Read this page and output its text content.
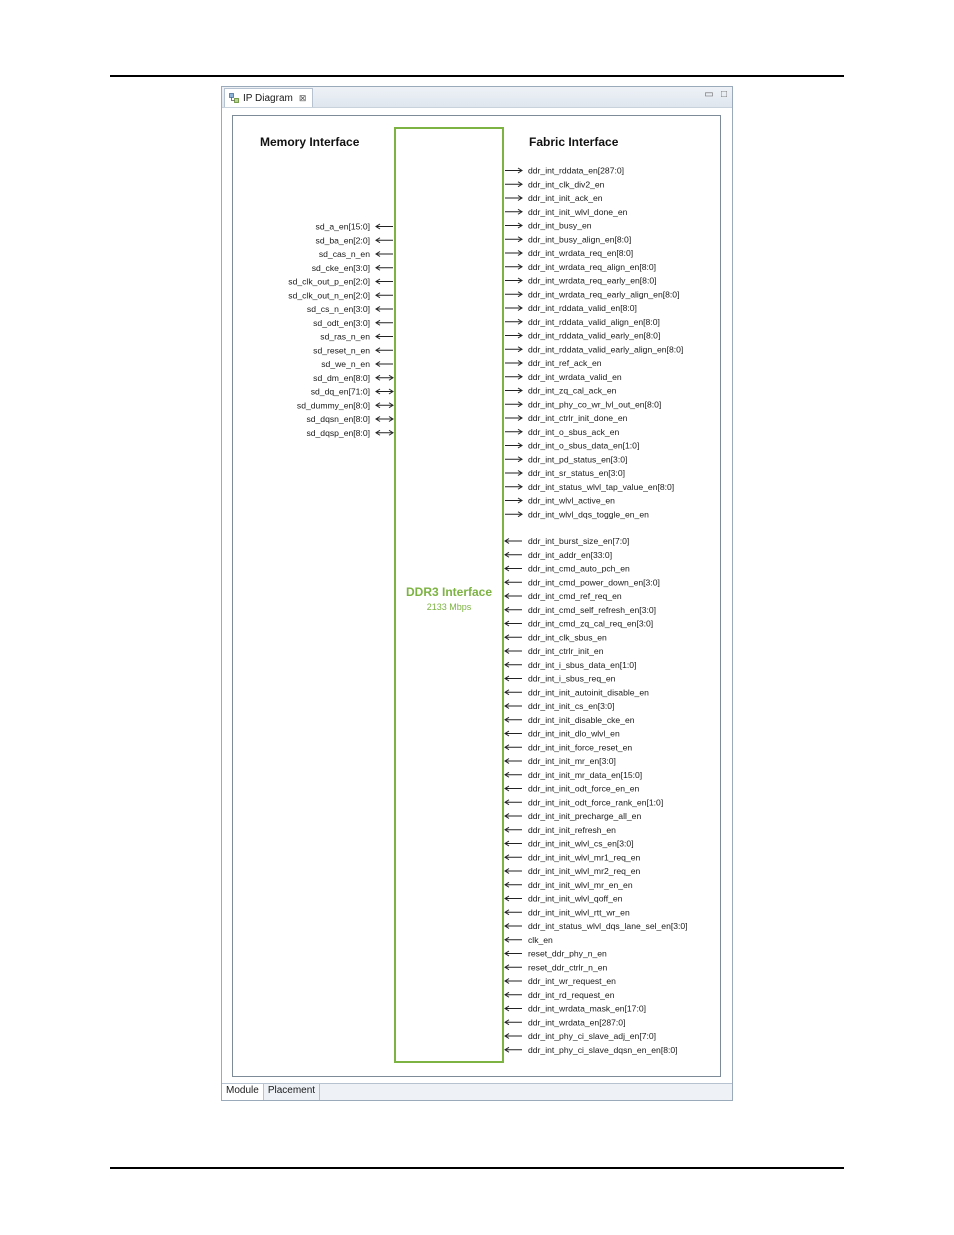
IP Diagram ⊠	▭ □
Memory Interface	Fabric Interface
DDR3 Interface
2133 Mbps
sd_a_en[15:0]
sd_ba_en[2:0]
sd_cas_n_en
sd_cke_en[3:0]
sd_clk_out_p_en[2:0]
sd_clk_out_n_en[2:0]
sd_cs_n_en[3:0]
sd_odt_en[3:0]
sd_ras_n_en
sd_reset_n_en
sd_we_n_en
sd_dm_en[8:0]
sd_dq_en[71:0]
sd_dummy_en[8:0]
sd_dqsn_en[8:0]
sd_dqsp_en[8:0]
ddr_int_rddata_en[287:0]
ddr_int_clk_div2_en
ddr_int_init_ack_en
ddr_int_init_wlvl_done_en
ddr_int_busy_en
ddr_int_busy_align_en[8:0]
ddr_int_wrdata_req_en[8:0]
ddr_int_wrdata_req_align_en[8:0]
ddr_int_wrdata_req_early_en[8:0]
ddr_int_wrdata_req_early_align_en[8:0]
ddr_int_rddata_valid_en[8:0]
ddr_int_rddata_valid_align_en[8:0]
ddr_int_rddata_valid_early_en[8:0]
ddr_int_rddata_valid_early_align_en[8:0]
ddr_int_ref_ack_en
ddr_int_wrdata_valid_en
ddr_int_zq_cal_ack_en
ddr_int_phy_co_wr_lvl_out_en[8:0]
ddr_int_ctrlr_init_done_en
ddr_int_o_sbus_ack_en
ddr_int_o_sbus_data_en[1:0]
ddr_int_pd_status_en[3:0]
ddr_int_sr_status_en[3:0]
ddr_int_status_wlvl_tap_value_en[8:0]
ddr_int_wlvl_active_en
ddr_int_wlvl_dqs_toggle_en_en
ddr_int_burst_size_en[7:0]
ddr_int_addr_en[33:0]
ddr_int_cmd_auto_pch_en
ddr_int_cmd_power_down_en[3:0]
ddr_int_cmd_ref_req_en
ddr_int_cmd_self_refresh_en[3:0]
ddr_int_cmd_zq_cal_req_en[3:0]
ddr_int_clk_sbus_en
ddr_int_ctrlr_init_en
ddr_int_i_sbus_data_en[1:0]
ddr_int_i_sbus_req_en
ddr_int_init_autoinit_disable_en
ddr_int_init_cs_en[3:0]
ddr_int_init_disable_cke_en
ddr_int_init_dlo_wlvl_en
ddr_int_init_force_reset_en
ddr_int_init_mr_en[3:0]
ddr_int_init_mr_data_en[15:0]
ddr_int_init_odt_force_en_en
ddr_int_init_odt_force_rank_en[1:0]
ddr_int_init_precharge_all_en
ddr_int_init_refresh_en
ddr_int_init_wlvl_cs_en[3:0]
ddr_int_init_wlvl_mr1_req_en
ddr_int_init_wlvl_mr2_req_en
ddr_int_init_wlvl_mr_en_en
ddr_int_init_wlvl_qoff_en
ddr_int_init_wlvl_rtt_wr_en
ddr_int_status_wlvl_dqs_lane_sel_en[3:0]
clk_en
reset_ddr_phy_n_en
reset_ddr_ctrlr_n_en
ddr_int_wr_request_en
ddr_int_rd_request_en
ddr_int_wrdata_mask_en[17:0]
ddr_int_wrdata_en[287:0]
ddr_int_phy_ci_slave_adj_en[7:0]
ddr_int_phy_ci_slave_dqsn_en_en[8:0]
Module Placement
